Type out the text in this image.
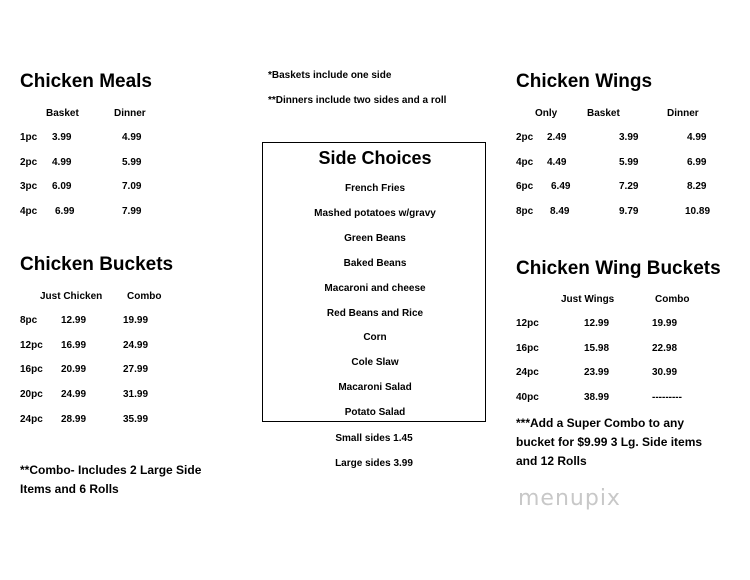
Chicken Meals
Basket	Dinner
1pc 3.99	4.99
2pc 4.99	5.99
3pc 6.09	7.09
4pc 6.99	7.99
Chicken Buckets
Just Chicken Combo
8pc 12.99	19.99
12pc 16.99	24.99
16pc 20.99	27.99
20pc 24.99	31.99
24pc 28.99	35.99
**Combo- Includes 2 Large Side
Items and 6 Rolls
*Baskets include one side
**Dinners include two sides and a roll
Side Choices
French Fries
Mashed potatoes w/gravy
Green Beans
Baked Beans
Macaroni and cheese
Red Beans and Rice
Corn
Cole Slaw
Macaroni Salad
Potato Salad
Small sides 1.45
Large sides 3.99
Chicken Wings
Only	Basket	Dinner
2pc 2.49	3.99	4.99
4pc 4.49	5.99	6.99
6pc 6.49	7.29	8.29
8pc 8.49	9.79	10.89
Chicken Wing Buckets
Just Wings	Combo
12pc	12.99	19.99
16pc	15.98	22.98
24pc	23.99	30.99
40pc	38.99	---------
***Add a Super Combo to any
bucket for $9.99 3 Lg. Side items
and 12 Rolls
menupix
